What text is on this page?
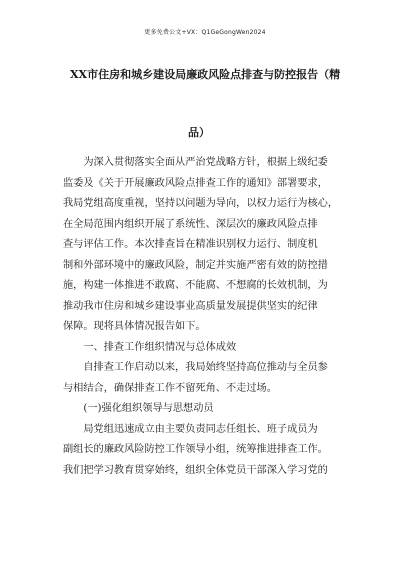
更多免费公文+VX：Q1GeGongWen2024
XX市住房和城乡建设局廉政风险点排查与防控报告（精
品）
　　为深入贯彻落实全面从严治党战略方针，根据上级纪委
监委及《关于开展廉政风险点排查工作的通知》部署要求，
我局党组高度重视，坚持以问题为导向，以权力运行为核心，
在全局范围内组织开展了系统性、深层次的廉政风险点排
查与评估工作。本次排查旨在精准识别权力运行、制度机
制和外部环境中的廉政风险，制定并实施严密有效的防控措
施，构建一体推进不敢腐、不能腐、不想腐的长效机制，为
推动我市住房和城乡建设事业高质量发展提供坚实的纪律
保障。现将具体情况报告如下。
　　一、排查工作组织情况与总体成效
　　自排查工作启动以来，我局始终坚持高位推动与全员参
与相结合，确保排查工作不留死角、不走过场。
　　(一)强化组织领导与思想动员
　　局党组迅速成立由主要负责同志任组长、班子成员为
副组长的廉政风险防控工作领导小组，统筹推进排查工作。
我们把学习教育贯穿始终，组织全体党员干部深入学习党的
